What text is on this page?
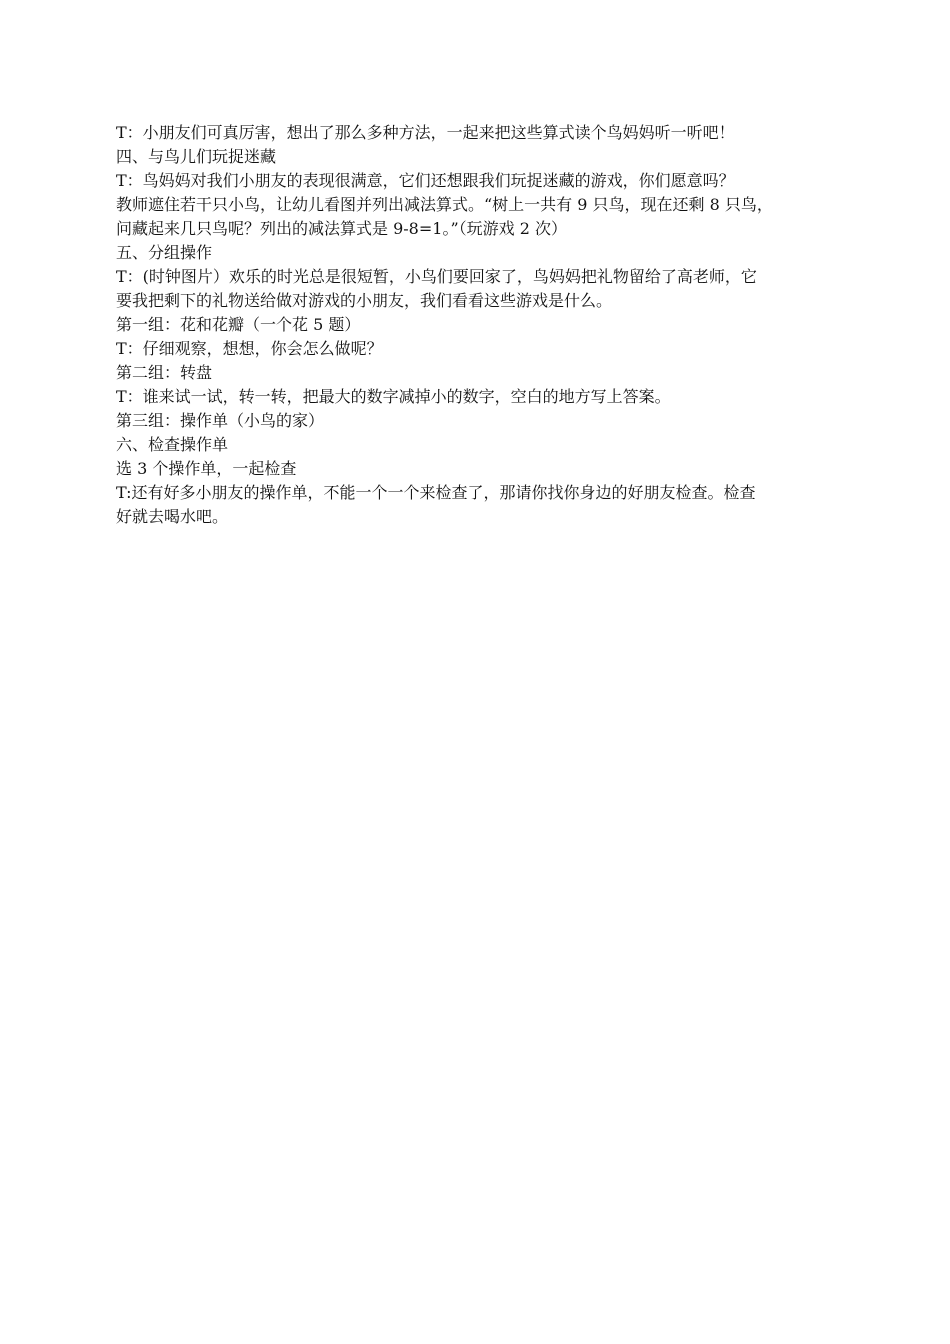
T：小朋友们可真厉害，想出了那么多种方法，一起来把这些算式读个鸟妈妈听一听吧！

四、与鸟儿们玩捉迷藏

T：鸟妈妈对我们小朋友的表现很满意，它们还想跟我们玩捉迷藏的游戏，你们愿意吗？

教师遮住若干只小鸟，让幼儿看图并列出减法算式。“树上一共有 9 只鸟，现在还剩 8 只鸟，

问藏起来几只鸟呢？列出的减法算式是 9-8=1。”（玩游戏 2 次）

五、分组操作

T：(时钟图片）欢乐的时光总是很短暂，小鸟们要回家了，鸟妈妈把礼物留给了高老师，它

要我把剩下的礼物送给做对游戏的小朋友，我们看看这些游戏是什么。

第一组：花和花瓣（一个花 5 题）

T：仔细观察，想想，你会怎么做呢？

第二组：转盘

T：谁来试一试，转一转，把最大的数字减掉小的数字，空白的地方写上答案。

第三组：操作单（小鸟的家）

六、检查操作单

选 3 个操作单，一起检查

T:还有好多小朋友的操作单，不能一个一个来检查了，那请你找你身边的好朋友检查。检查

好就去喝水吧。
